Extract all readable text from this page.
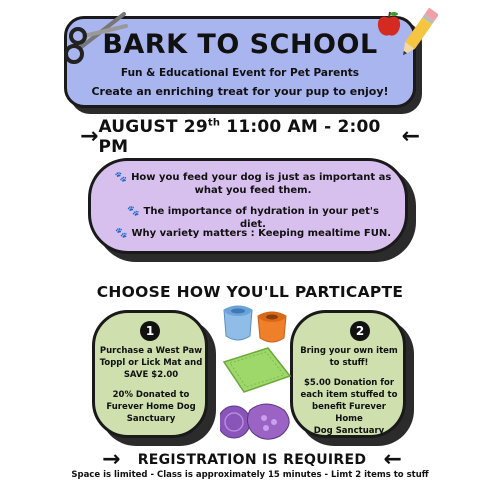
BARK TO SCHOOL
Fun & Educational Event for Pet Parents
Create an enriching treat for your pup to enjoy!
→ AUGUST 29th 11:00 AM - 2:00 PM	←
🐾 How you feed your dog is just as important as
what you feed them.
🐾 The importance of hydration in your pet's diet.
🐾 Why variety matters : Keeping mealtime FUN.
CHOOSE HOW YOU'LL PARTICAPTE
1
Purchase a West Paw
Toppl or Lick Mat and
SAVE $2.00
20% Donated to
Furever Home Dog
Sanctuary
2
Bring your own item
to stuff!
$5.00 Donation for
each item stuffed to
benefit Furever Home
Dog Sanctuary
→ REGISTRATION IS REQUIRED ←
Space is limited - Class is approximately 15 minutes - Limt 2 items to stuff
